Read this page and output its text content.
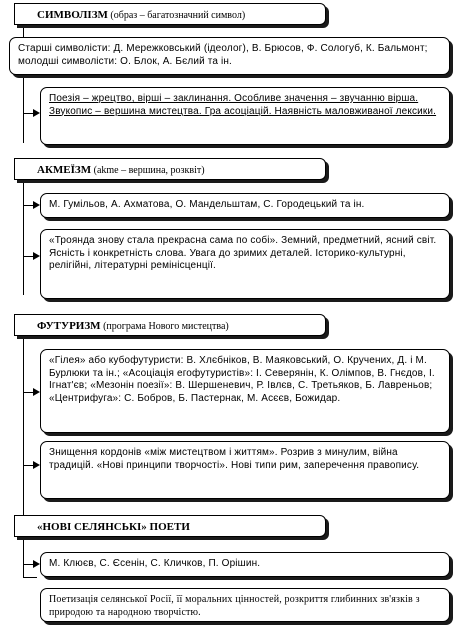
СИМВОЛІЗМ (образ – багатозначний символ)
Старші символісти: Д. Мережковський (ідеолог), В. Брюсов, Ф. Сологуб, К. Бальмонт; молодші символісти: О. Блок, А. Бєлий та ін.
Поезія – жрецтво, вірші – заклинання. Особливе значення – звучанню вірша. Звукопис – вершина мистецтва. Гра асоціацій. Наявність маловживаної лексики.
АКМЕЇЗМ (akme – вершина, розквіт)
М. Гумільов, А. Ахматова, О. Мандельштам, С. Городецький та ін.
«Троянда знову стала прекрасна сама по собі». Земний, предметний, ясний світ. Ясність і конкретність слова. Увага до зримих деталей. Історико-культурні, релігійні, літературні ремінісценції.
ФУТУРИЗМ (програма Нового мистецтва)
«Гілея» або кубофутуристи: В. Хлєбніков, В. Маяковський, О. Кручених, Д. і М. Бурлюки та ін.; «Асоціація егофутуристів»: І. Северянін, К. Олімпов, В. Гнєдов, І. Ігнат'єв; «Мезонін поезії»: В. Шершеневич, Р. Івлєв, С. Третьяков, Б. Лавреньов; «Центрифуга»: С. Бобров, Б. Пастернак, М. Асєєв, Божидар.
Знищення кордонів «між мистецтвом і життям». Розрив з минулим, війна традицій. «Нові принципи творчості». Нові типи рим, заперечення правопису.
«НОВІ СЕЛЯНСЬКІ» ПОЕТИ
М. Клюєв, С. Єсенін, С. Кличков, П. Орішин.
Поетизація селянської Росії, її моральних цінностей, розкриття глибинних зв'язків з природою та народною творчістю.
